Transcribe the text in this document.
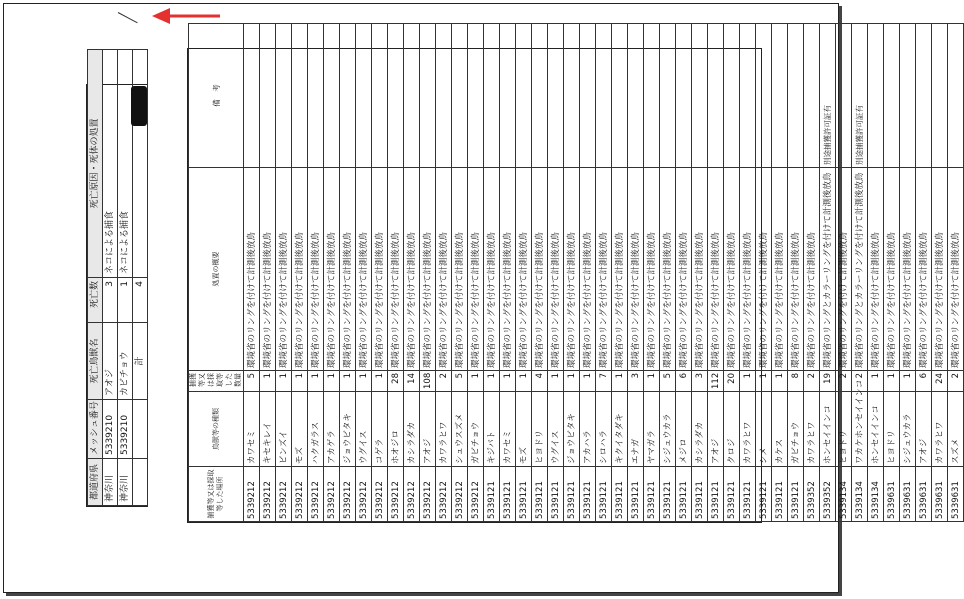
捕獲等又は採取等した場所	鳥獣等の種類	捕獲等又は採取等した数量	処置の概要	備　考
5339212	カワセミ	5	環境省のリングを付けて計測後放鳥	
5339212	キセキレイ	1	環境省のリングを付けて計測後放鳥	
5339212	ビンズイ	1	環境省のリングを付けて計測後放鳥	
5339212	モズ	1	環境省のリングを付けて計測後放鳥	
5339212	ハクガラス	1	環境省のリングを付けて計測後放鳥	
5339212	アカゲラ	1	環境省のリングを付けて計測後放鳥	
5339212	ジョウビタキ	1	環境省のリングを付けて計測後放鳥	
5339212	ウグイス	1	環境省のリングを付けて計測後放鳥	
5339212	コゲラ	1	環境省のリングを付けて計測後放鳥	
5339212	ホオジロ	28	環境省のリングを付けて計測後放鳥	
5339212	カシラダカ	14	環境省のリングを付けて計測後放鳥	
5339212	アオジ	108	環境省のリングを付けて計測後放鳥	
5339212	カワラヒワ	2	環境省のリングを付けて計測後放鳥	
5339212	シュウスズメ	5	環境省のリングを付けて計測後放鳥	
5339212	ガビチョウ	1	環境省のリングを付けて計測後放鳥	
5339121	キジバト	1	環境省のリングを付けて計測後放鳥	
5339121	カワセミ	1	環境省のリングを付けて計測後放鳥	
5339121	モズ	1	環境省のリングを付けて計測後放鳥	
5339121	ヒヨドリ	4	環境省のリングを付けて計測後放鳥	
5339121	ウグイス	1	環境省のリングを付けて計測後放鳥	
5339121	ジョウビタキ	1	環境省のリングを付けて計測後放鳥	
5339121	アカハラ	1	環境省のリングを付けて計測後放鳥	
5339121	シロハラ	7	環境省のリングを付けて計測後放鳥	
5339121	キクイタダキ	1	環境省のリングを付けて計測後放鳥	
5339121	エナガ	3	環境省のリングを付けて計測後放鳥	
5339121	ヤマガラ	1	環境省のリングを付けて計測後放鳥	
5339121	シジュウカラ	5	環境省のリングを付けて計測後放鳥	
5339121	メジロ	6	環境省のリングを付けて計測後放鳥	
5339121	カシラダカ	3	環境省のリングを付けて計測後放鳥	
5339121	アオジ	112	環境省のリングを付けて計測後放鳥	
5339121	クロジ	20	環境省のリングを付けて計測後放鳥	
5339121	カワラヒワ	1	環境省のリングを付けて計測後放鳥	
5339121	シメ	1	環境省のリングを付けて計測後放鳥	
5339121	カケス	1	環境省のリングを付けて計測後放鳥	
5339121	ガビチョウ	8	環境省のリングを付けて計測後放鳥	
5339352	カワラヒワ	2	環境省のリングを付けて計測後放鳥	
5339352	ホンセイインコ	19	環境省のリングとカラーリングを付けて計測後放鳥	別途捕獲許可証有
5339134	ヒヨドリ	2	環境省のリングを付けて計測後放鳥	
5339134	ワカケホンセイインコ	2	環境省のリングとカラーリングを付けて計測後放鳥	別途捕獲許可証有
5339134	ホンセイインコ	1	環境省のリングを付けて計測後放鳥	
5339631	ヒヨドリ	1	環境省のリングを付けて計測後放鳥	
5339631	シジュウカラ	1	環境省のリングを付けて計測後放鳥	
5339631	アオジ	6	環境省のリングを付けて計測後放鳥	
5339631	カワラヒワ	24	環境省のリングを付けて計測後放鳥	
5339631	スズメ	2	環境省のリングを付けて計測後放鳥	
都道府県	メッシュ番号	死亡鳥獣名	死亡数	死亡原因・死体の処置
神奈川	5339210	アオジ	3	ネコによる捕食
神奈川	5339210	カビチョウ	1	ネコによる捕食
		計	4	
